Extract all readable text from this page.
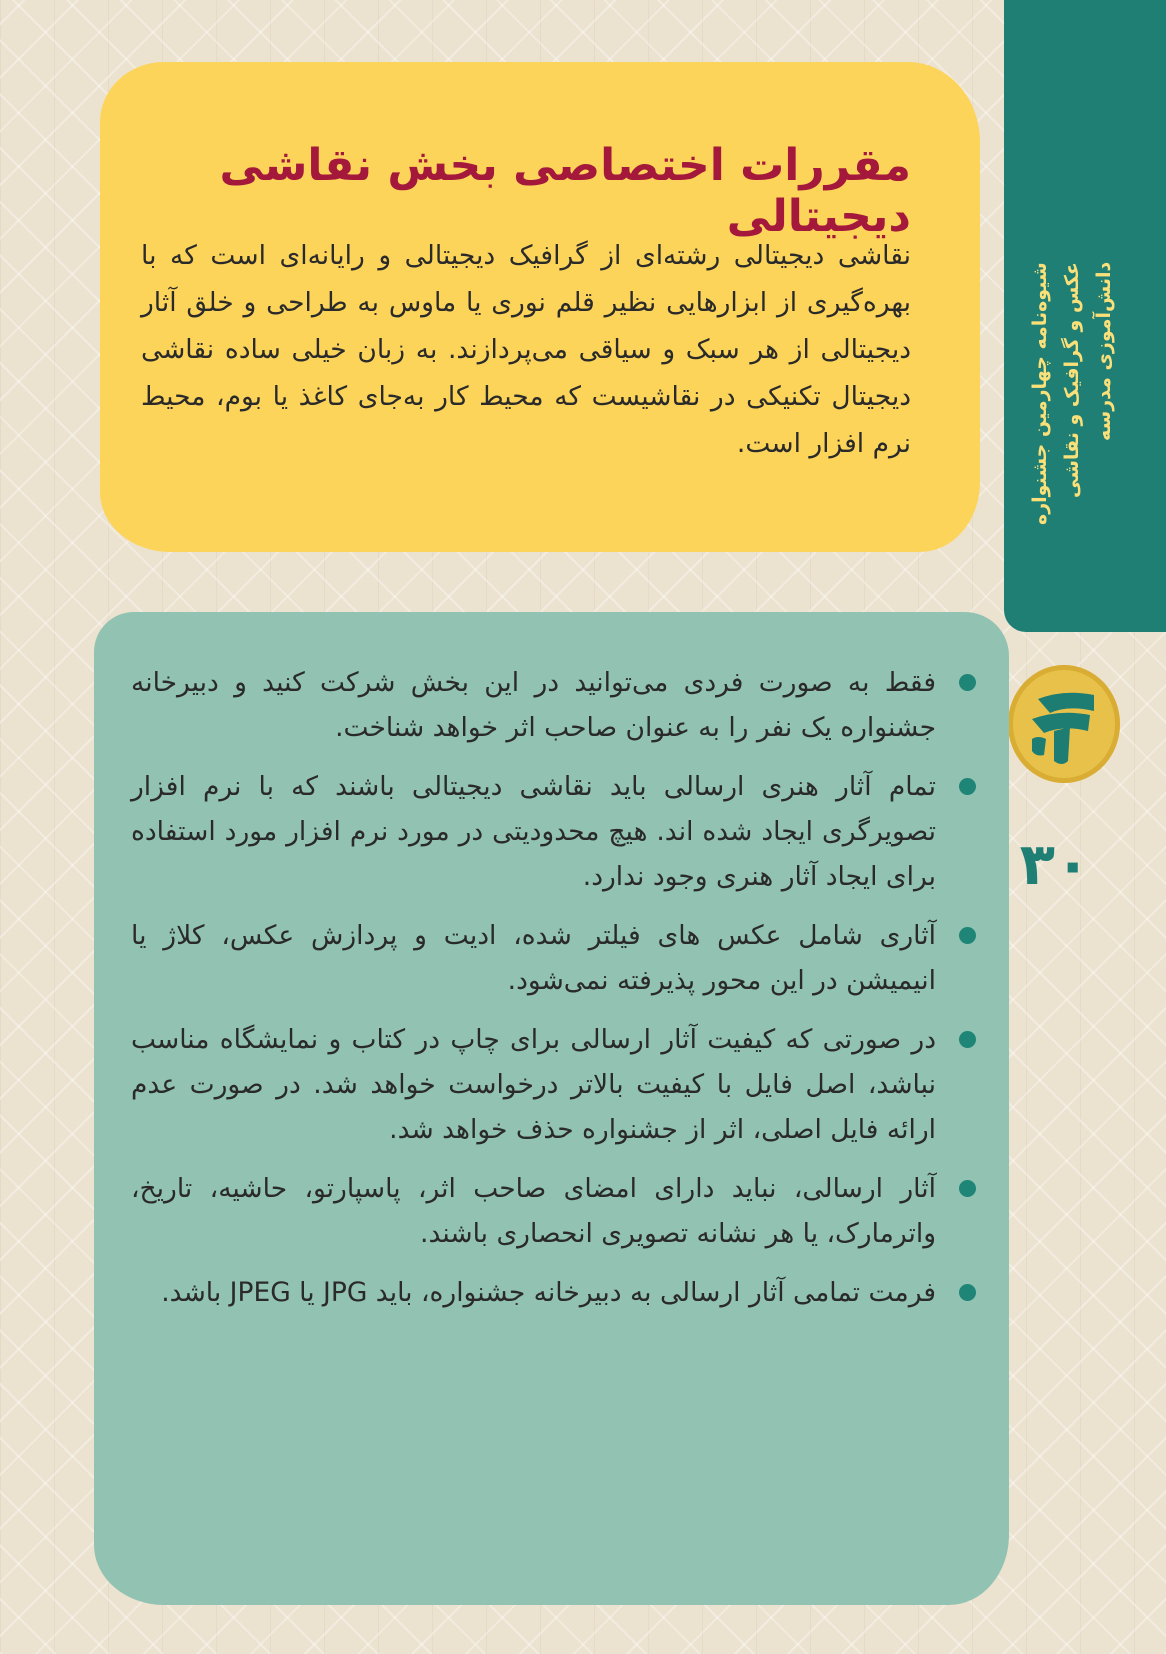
شیوه‌نامه چهارمین جشنواره عکس و گرافیک و نقاشی دانش‌آموزی مدرسه
۳۰
مقررات اختصاصی بخش نقاشی دیجیتالی

نقاشی دیجیتالی رشته‌ای از گرافیک دیجیتالی و رایانه‌ای است که با بهره‌گیری از ابزارهایی نظیر قلم نوری یا ماوس به طراحی و خلق آثار دیجیتالی از هر سبک و سیاقی می‌پردازند. به زبان خیلی ساده نقاشی دیجیتال تکنیکی در نقاشیست که محیط کار به‌جای کاغذ یا بوم، محیط نرم افزار است.

فقط به صورت فردی می‌توانید در این بخش شرکت کنید و دبیرخانه جشنواره یک نفر را به عنوان صاحب اثر خواهد شناخت.
تمام آثار هنری ارسالی باید نقاشی دیجیتالی باشند که با نرم افزار تصویرگری ایجاد شده اند. هیچ محدودیتی در مورد نرم افزار مورد استفاده برای ایجاد آثار هنری وجود ندارد.
آثاری شامل عکس های فیلتر شده، ادیت و پردازش عکس، کلاژ یا انیمیشن در این محور پذیرفته نمی‌شود.
در صورتی که کیفیت آثار ارسالی برای چاپ در کتاب و نمایشگاه مناسب نباشد، اصل فایل با کیفیت بالاتر درخواست خواهد شد. در صورت عدم ارائه فایل اصلی، اثر از جشنواره حذف خواهد شد.
آثار ارسالی، نباید دارای امضای صاحب اثر، پاسپارتو، حاشیه، تاریخ، واترمارک، یا هر نشانه تصویری انحصاری باشند.
فرمت تمامی آثار ارسالی به دبیرخانه جشنواره، باید JPG یا JPEG باشد.
